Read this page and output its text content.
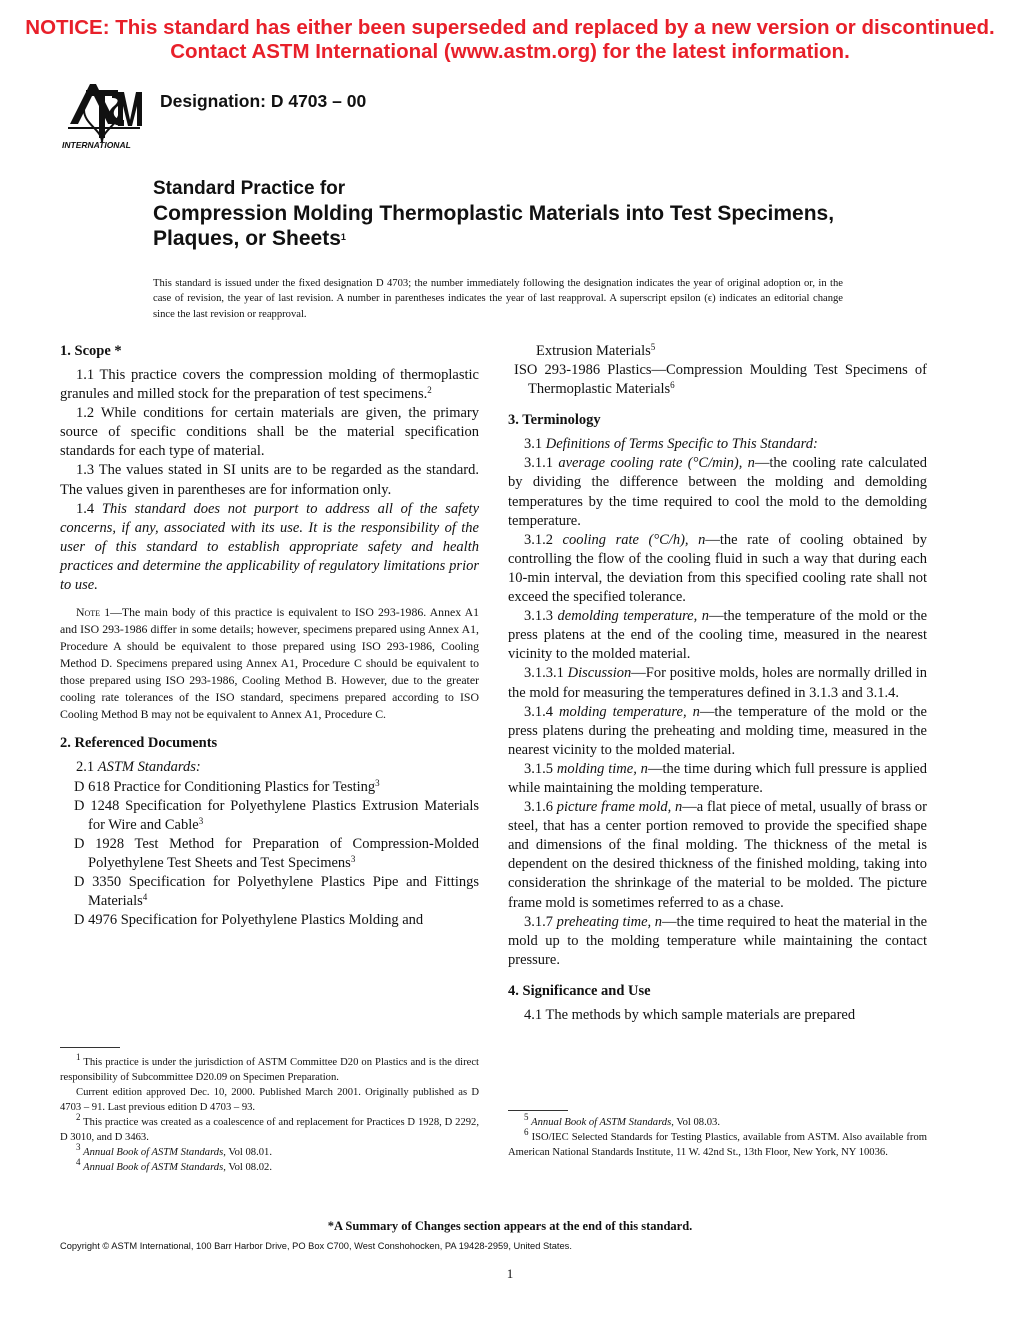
NOTICE: This standard has either been superseded and replaced by a new version or discontinued.
Contact ASTM International (www.astm.org) for the latest information.
INTERNATIONAL
Designation: D 4703 – 00
Standard Practice for
Compression Molding Thermoplastic Materials into Test Specimens, Plaques, or Sheets$^1$
This standard is issued under the fixed designation D 4703; the number immediately following the designation indicates the year of original adoption or, in the case of revision, the year of last revision. A number in parentheses indicates the year of last reapproval. A superscript epsilon (ϵ) indicates an editorial change since the last revision or reapproval.
1. Scope *

1.1 This practice covers the compression molding of thermoplastic granules and milled stock for the preparation of test specimens.$^2$

1.2 While conditions for certain materials are given, the primary source of specific conditions shall be the material specification standards for each type of material.

1.3 The values stated in SI units are to be regarded as the standard. The values given in parentheses are for information only.

1.4 This standard does not purport to address all of the safety concerns, if any, associated with its use. It is the responsibility of the user of this standard to establish appropriate safety and health practices and determine the applicability of regulatory limitations prior to use.

Note 1—The main body of this practice is equivalent to ISO 293-1986. Annex A1 and ISO 293-1986 differ in some details; however, specimens prepared using Annex A1, Procedure A should be equivalent to those prepared using ISO 293-1986, Cooling Method D. Specimens prepared using Annex A1, Procedure C should be equivalent to those prepared using ISO 293-1986, Cooling Method B. However, due to the greater cooling rate tolerances of the ISO standard, specimens prepared according to ISO Cooling Method B may not be equivalent to Annex A1, Procedure C.

2. Referenced Documents

2.1 ASTM Standards:

D 618 Practice for Conditioning Plastics for Testing$^3$

D 1248 Specification for Polyethylene Plastics Extrusion Materials for Wire and Cable$^3$

D 1928 Test Method for Preparation of Compression-Molded Polyethylene Test Sheets and Test Specimens$^3$

D 3350 Specification for Polyethylene Plastics Pipe and Fittings Materials$^4$

D 4976 Specification for Polyethylene Plastics Molding and

Extrusion Materials$^5$

ISO 293-1986 Plastics—Compression Moulding Test Specimens of Thermoplastic Materials$^6$

3. Terminology

3.1 Definitions of Terms Specific to This Standard:

3.1.1 average cooling rate (°C/min), n—the cooling rate calculated by dividing the difference between the molding and demolding temperatures by the time required to cool the mold to the demolding temperature.

3.1.2 cooling rate (°C/h), n—the rate of cooling obtained by controlling the flow of the cooling fluid in such a way that during each 10-min interval, the deviation from this specified cooling rate shall not exceed the specified tolerance.

3.1.3 demolding temperature, n—the temperature of the mold or the press platens at the end of the cooling time, measured in the nearest vicinity to the molded material.

3.1.3.1 Discussion—For positive molds, holes are normally drilled in the mold for measuring the temperatures defined in 3.1.3 and 3.1.4.

3.1.4 molding temperature, n—the temperature of the mold or the press platens during the preheating and molding time, measured in the nearest vicinity to the molded material.

3.1.5 molding time, n—the time during which full pressure is applied while maintaining the molding temperature.

3.1.6 picture frame mold, n—a flat piece of metal, usually of brass or steel, that has a center portion removed to provide the specified shape and dimensions of the final molding. The thickness of the metal is dependent on the desired thickness of the finished molding, taking into consideration the shrinkage of the material to be molded. The picture frame mold is sometimes referred to as a chase.

3.1.7 preheating time, n—the time required to heat the material in the mold up to the molding temperature while maintaining the contact pressure.

4. Significance and Use

4.1 The methods by which sample materials are prepared

$^1$ This practice is under the jurisdiction of ASTM Committee D20 on Plastics and is the direct responsibility of Subcommittee D20.09 on Specimen Preparation.

Current edition approved Dec. 10, 2000. Published March 2001. Originally published as D 4703 – 91. Last previous edition D 4703 – 93.

$^2$ This practice was created as a coalescence of and replacement for Practices D 1928, D 2292, D 3010, and D 3463.

$^3$ Annual Book of ASTM Standards, Vol 08.01.

$^4$ Annual Book of ASTM Standards, Vol 08.02.

$^5$ Annual Book of ASTM Standards, Vol 08.03.

$^6$ ISO/IEC Selected Standards for Testing Plastics, available from ASTM. Also available from American National Standards Institute, 11 W. 42nd St., 13th Floor, New York, NY 10036.

*A Summary of Changes section appears at the end of this standard.
Copyright © ASTM International, 100 Barr Harbor Drive, PO Box C700, West Conshohocken, PA 19428-2959, United States.
1
